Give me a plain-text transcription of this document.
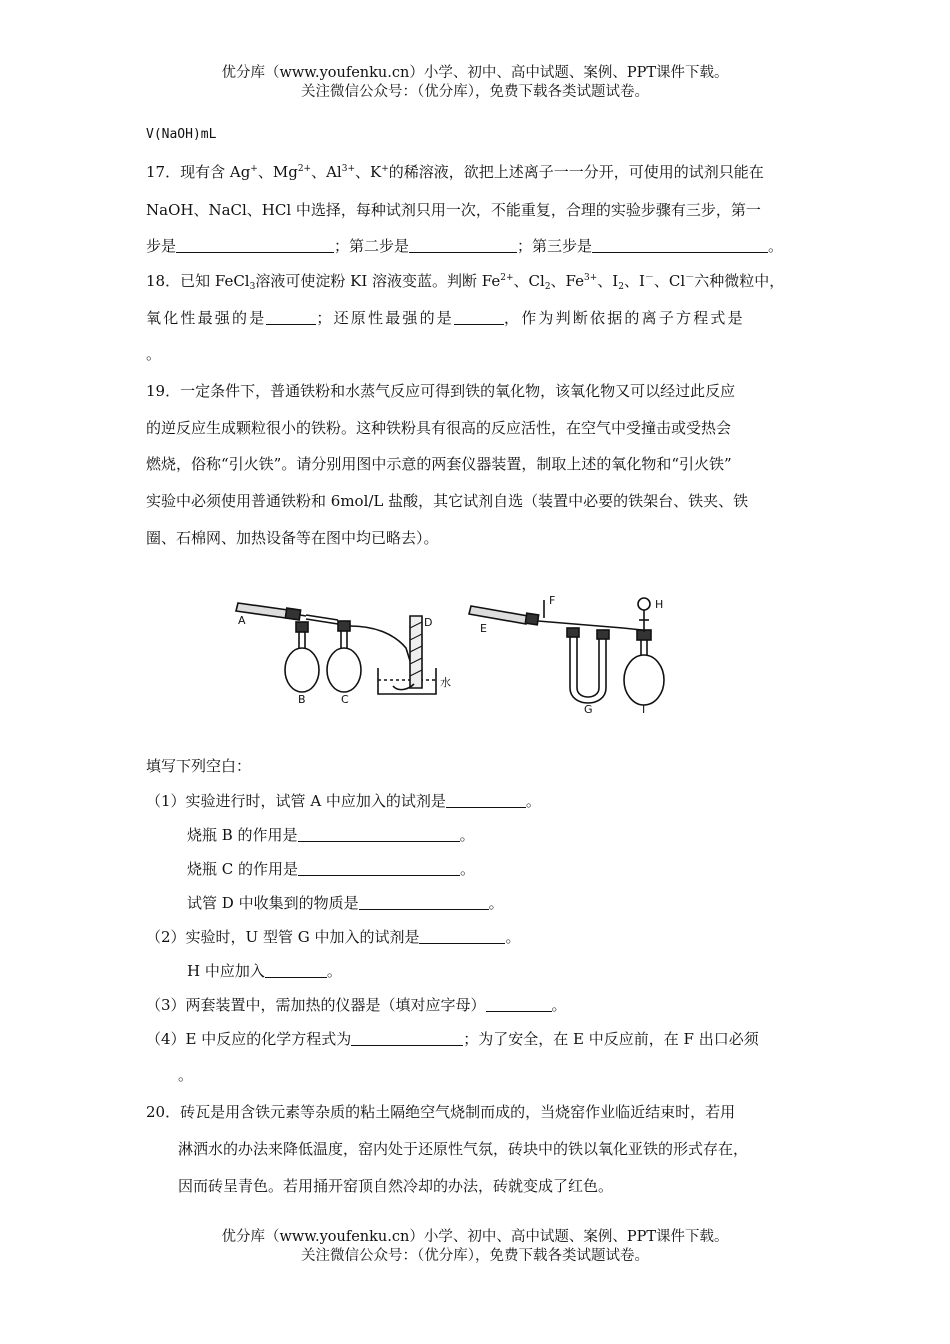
优分库（www.youfenku.cn）小学、初中、高中试题、案例、PPT课件下载。
关注微信公众号：（优分库），免费下载各类试题试卷。
V(NaOH)mL
17．现有含 Ag+、$Mg^{2+}$、$Al^{3+}$、K+的稀溶液，欲把上述离子一一分开，可使用的试剂只能在
NaOH、NaCl、HCl 中选择，每种试剂只用一次，不能重复，合理的实验步骤有三步，第一
步是	；第二步是	；第三步是	。
18．已知 FeCl$_3$溶液可使淀粉 KI 溶液变蓝。判断 $Fe^{2+}$、$Cl_2$、$Fe^{3+}$、$I_2$、I－、Cl－六种微粒中，
氧化性最强的是	；还原性最强的是	，作为判断依据的离子方程式是
。
19．一定条件下，普通铁粉和水蒸气反应可得到铁的氧化物，该氧化物又可以经过此反应
的逆反应生成颗粒很小的铁粉。这种铁粉具有很高的反应活性，在空气中受撞击或受热会
燃烧，俗称“引火铁”。请分别用图中示意的两套仪器装置，制取上述的氧化物和“引火铁”
实验中必须使用普通铁粉和 6mol/L 盐酸，其它试剂自选（装置中必要的铁架台、铁夹、铁
圈、石棉网、加热设备等在图中均已略去）。
A
B	C
D
水
E
F
G
H
I
填写下列空白：
（1）实验进行时，试管 A 中应加入的试剂是	。
烧瓶 B 的作用是	。
烧瓶 C 的作用是	。
试管 D 中收集到的物质是	。
（2）实验时，U 型管 G 中加入的试剂是	。
H 中应加入	。
（3）两套装置中，需加热的仪器是（填对应字母）	。
（4）E 中反应的化学方程式为	；为了安全，在 E 中反应前，在 F 出口必须
。
20．砖瓦是用含铁元素等杂质的粘土隔绝空气烧制而成的，当烧窑作业临近结束时，若用
淋洒水的办法来降低温度，窑内处于还原性气氛，砖块中的铁以氧化亚铁的形式存在，
因而砖呈青色。若用捅开窑顶自然冷却的办法，砖就变成了红色。
优分库（www.youfenku.cn）小学、初中、高中试题、案例、PPT课件下载。
关注微信公众号：（优分库），免费下载各类试题试卷。
